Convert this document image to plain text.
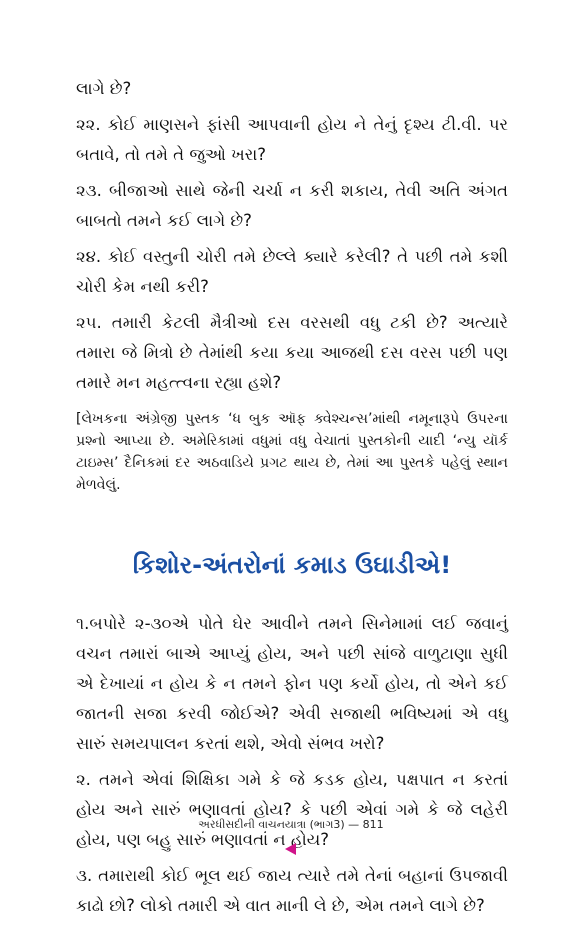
લાગે છે?

૨૨. કોઈ માણસને ફાંસી આપવાની હોય ને તેનું દૃશ્ય ટી.વી. પર બતાવે, તો તમે તે જુઓ ખરા?

૨૩. બીજાઓ સાથે જેની ચર્ચા ન કરી શકાય, તેવી અતિ અંગત બાબતો તમને કઈ લાગે છે?

૨૪. કોઈ વસ્તુની ચોરી તમે છેલ્લે ક્યારે કરેલી? તે પછી તમે કશી ચોરી કેમ નથી કરી?

૨૫. તમારી કેટલી મૈત્રીઓ દસ વરસથી વધુ ટકી છે? અત્યારે તમારા જે મિત્રો છે તેમાંથી કયા કયા આજથી દસ વરસ પછી પણ તમારે મન મહત્ત્વના રહ્યા હશે?

[લેખકના અંગ્રેજી પુસ્તક ‘ધ બુક ઑફ ક્વેશ્ચન્સ’માંથી નમૂનારૂપે ઉપરના પ્રશ્નો આપ્યા છે. અમેરિકામાં વધુમાં વધુ વેચાતાં પુસ્તકોની યાદી ‘ન્યુ યૉર્ક ટાઇમ્સ’ દૈનિકમાં દર અઠવાડિયે પ્રગટ થાય છે, તેમાં આ પુસ્તકે પહેલું સ્થાન મેળવેલું.

કિશોર-અંતરોનાં કમાડ ઉઘાડીએ!

૧.બપોરે ૨-૩૦એ પોતે ઘેર આવીને તમને સિનેમામાં લઈ જવાનું વચન તમારાં બાએ આપ્યું હોય, અને પછી સાંજે વાળુટાણા સુધી એ દેખાયાં ન હોય કે ન તમને ફોન પણ કર્યો હોય, તો એને કઈ જાતની સજા કરવી જોઈએ? એવી સજાથી ભવિષ્યમાં એ વધુ સારું સમયપાલન કરતાં થશે, એવો સંભવ ખરો?

૨. તમને એવાં શિક્ષિકા ગમે કે જે કડક હોય, પક્ષપાત ન કરતાં હોય અને સારું ભણાવતાં હોય? કે પછી એવાં ગમે કે જે લહેરી હોય, પણ બહુ સારું ભણાવતાં ન હોય?

૩. તમારાથી કોઈ ભૂલ થઈ જાય ત્યારે તમે તેનાં બહાનાં ઉપજાવી કાઢો છો? લોકો તમારી એ વાત માની લે છે, એમ તમને લાગે છે?

અરધીસદીની વાચનયાત્રા (ભાગ3) — 811
